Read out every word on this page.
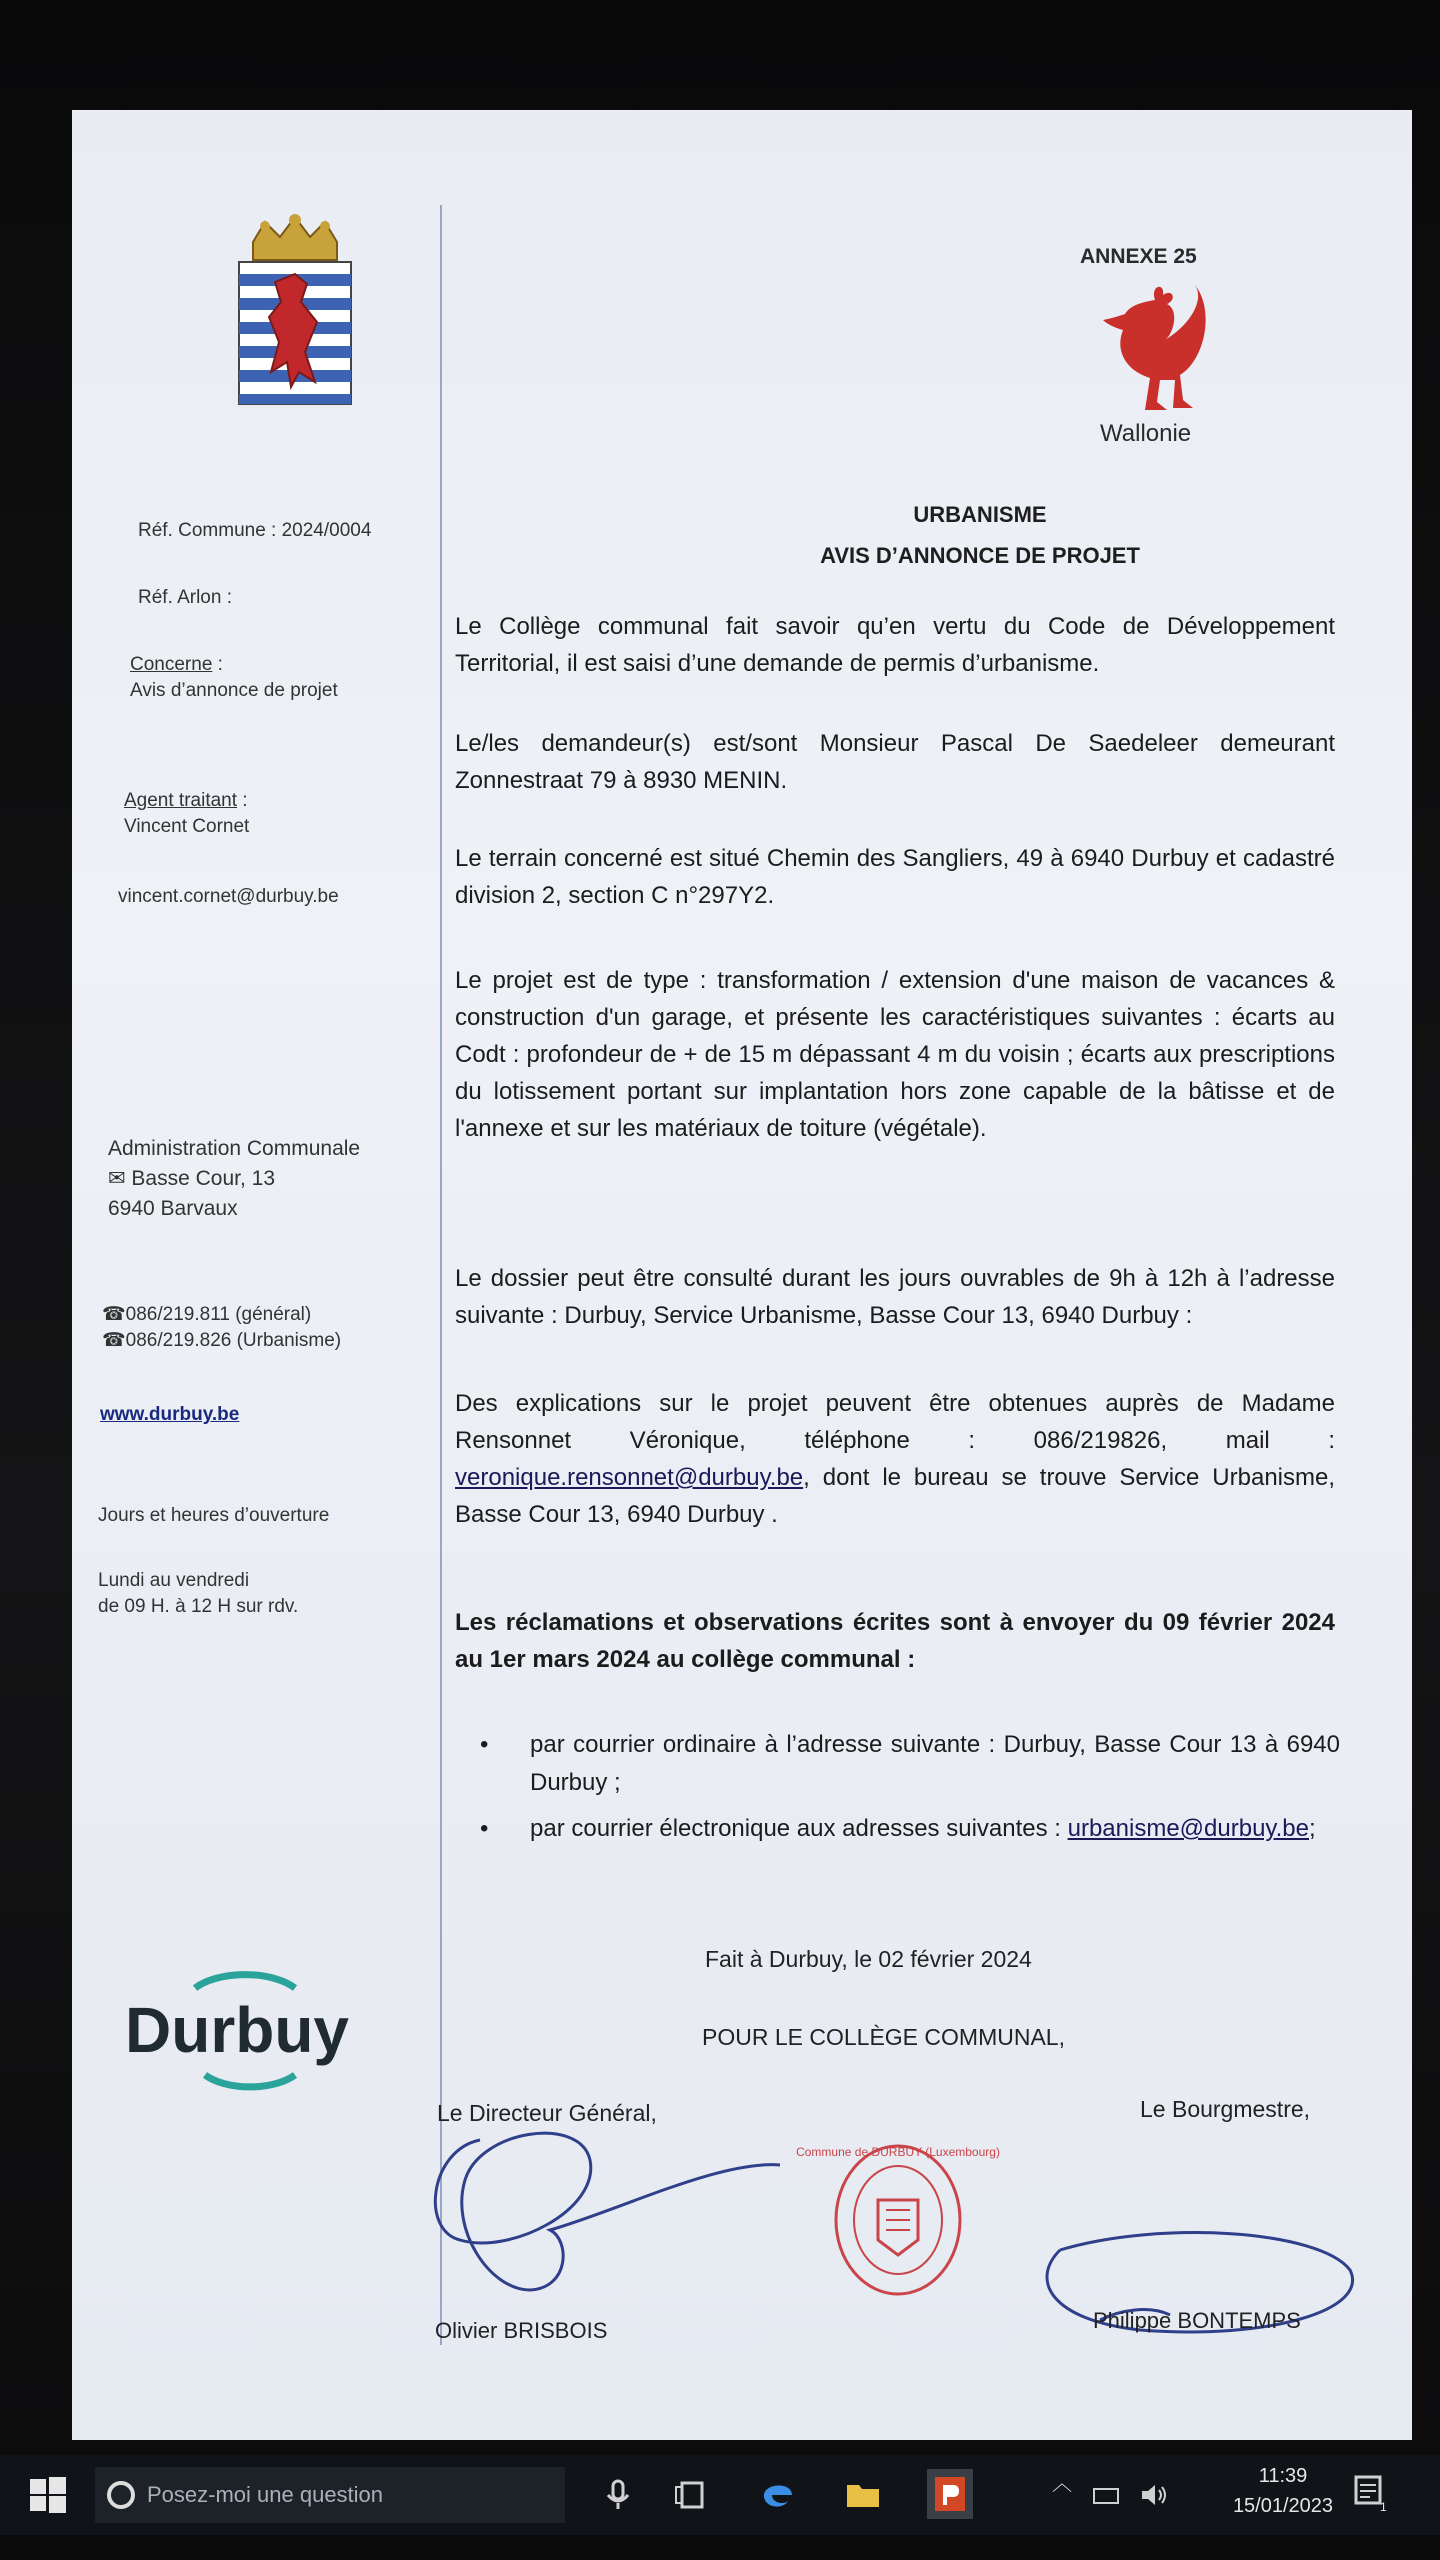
ANNEXE 25
Wallonie
Réf. Commune : 2024/0004
Réf. Arlon :
Concerne :
Avis d’annonce de projet
Agent traitant :
Vincent Cornet
vincent.cornet@durbuy.be
Administration Communale
✉ Basse Cour, 13
6940 Barvaux
☎086/219.811 (général)
☎086/219.826 (Urbanisme)
www.durbuy.be
Jours et heures d’ouverture
Lundi au vendredi
de 09 H. à 12 H sur rdv.
Durbuy
URBANISME
AVIS D’ANNONCE DE PROJET
Le Collège communal fait savoir qu’en vertu du Code de Développement Territorial, il est saisi d’une demande de permis d’urbanisme.
Le/les demandeur(s) est/sont Monsieur Pascal De Saedeleer demeurant Zonnestraat 79 à 8930 MENIN.
Le terrain concerné est situé Chemin des Sangliers, 49 à 6940 Durbuy et cadastré division 2, section C n°297Y2.
Le projet est de type : transformation / extension d'une maison de vacances & construction d'un garage, et présente les caractéristiques suivantes : écarts au Codt : profondeur de + de 15 m dépassant 4 m du voisin ; écarts aux prescriptions du lotissement portant sur implantation hors zone capable de la bâtisse et de l'annexe et sur les matériaux de toiture (végétale).
Le dossier peut être consulté durant les jours ouvrables de 9h à 12h à l’adresse suivante : Durbuy, Service Urbanisme, Basse Cour 13, 6940 Durbuy :
Des explications sur le projet peuvent être obtenues auprès de Madame Rensonnet Véronique, téléphone : 086/219826, mail : veronique.rensonnet@durbuy.be, dont le bureau se trouve Service Urbanisme, Basse Cour 13, 6940 Durbuy .
Les réclamations et observations écrites sont à envoyer du 09 février 2024 au 1er mars 2024 au collège communal :
•	par courrier ordinaire à l’adresse suivante : Durbuy, Basse Cour 13 à 6940 Durbuy ;
•	par courrier électronique aux adresses suivantes : urbanisme@durbuy.be;
Fait à Durbuy, le 02 février 2024
POUR LE COLLÈGE COMMUNAL,
Le Directeur Général,	Le Bourgmestre,
Commune de DURBUY (Luxembourg)
Olivier BRISBOIS	Philippe BONTEMPS
Posez-moi une question	︿	11:39
15/01/2023	1
